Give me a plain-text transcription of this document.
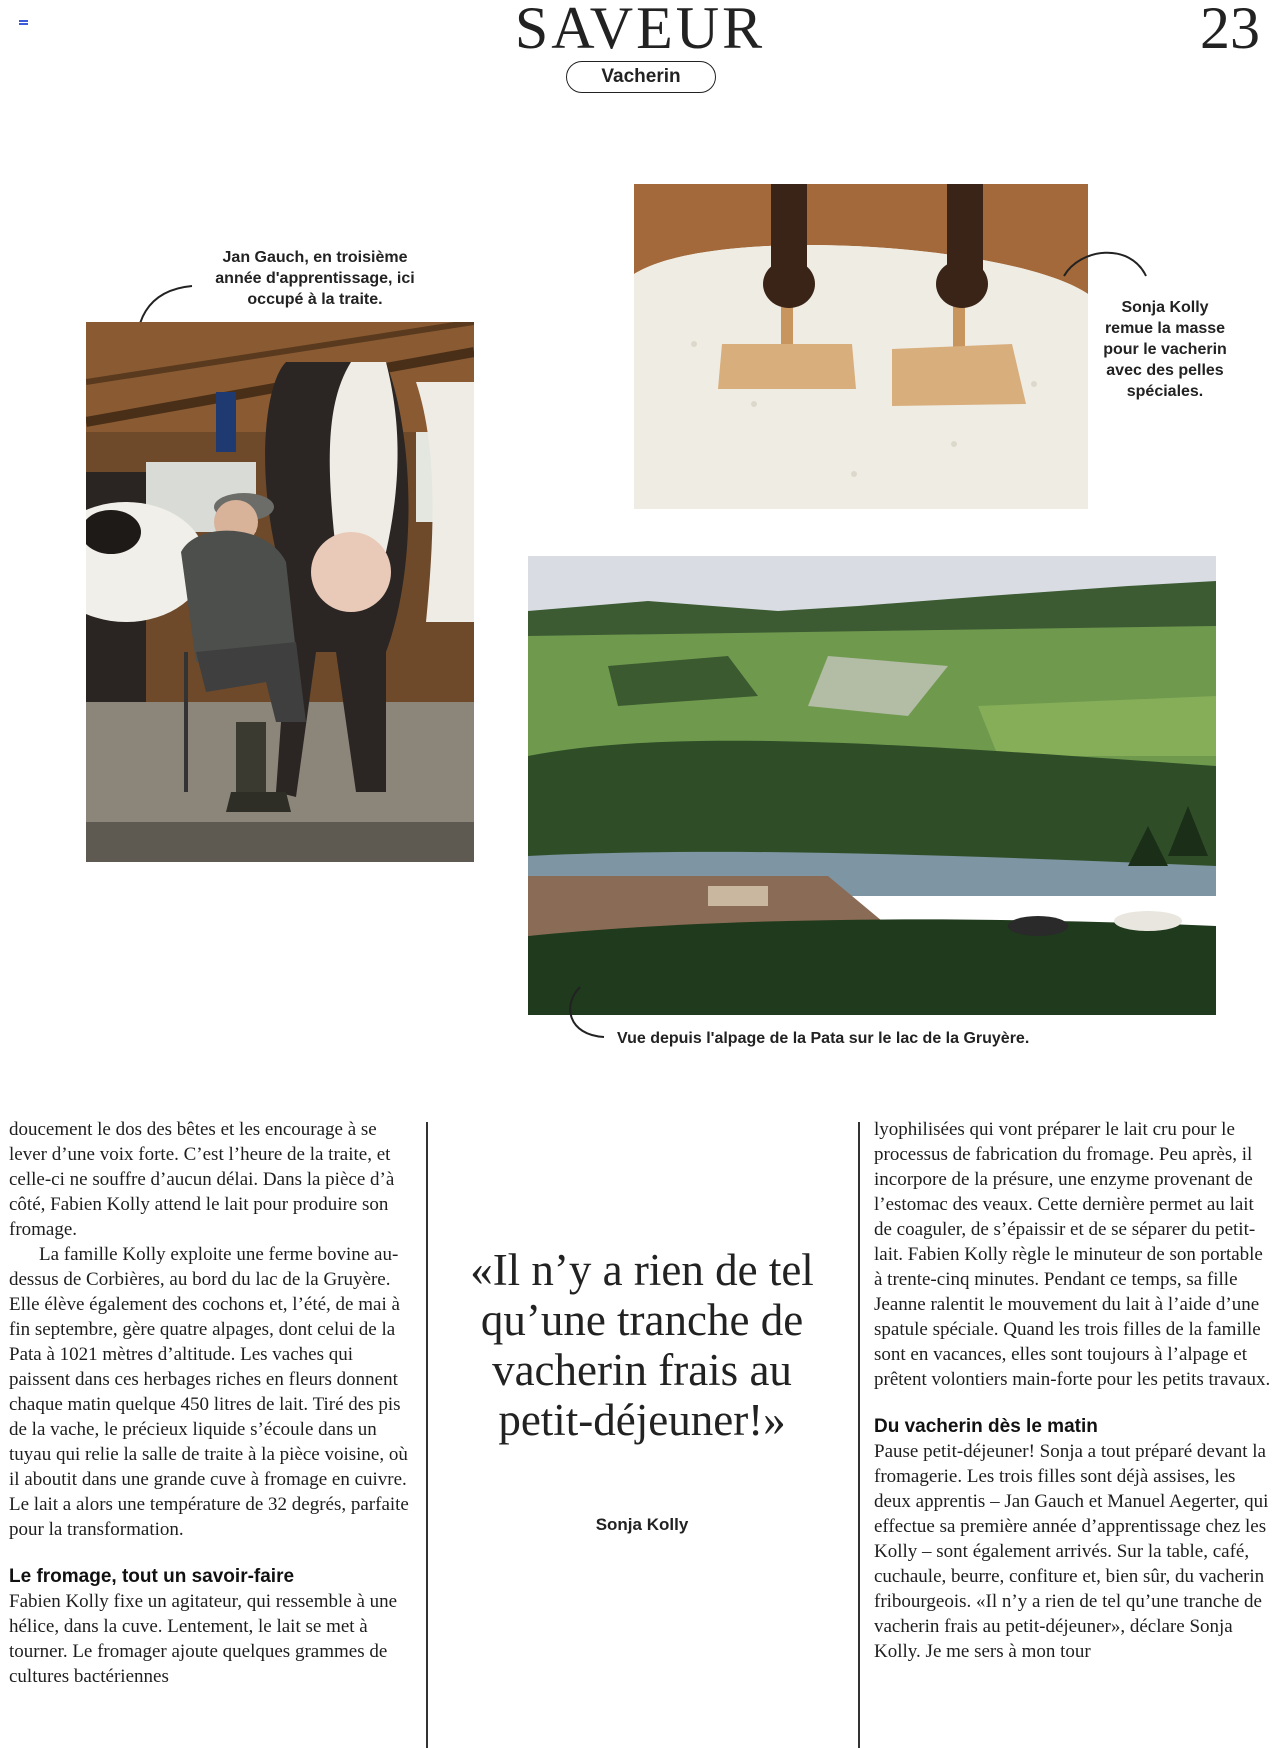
SAVEUR
Vacherin
23
Jan Gauch, en troisième année d'apprentissage, ici occupé à la traite.	Sonja Kolly remue la masse pour le vacherin avec des pelles spéciales.
Vue depuis l'alpage de la Pata sur le lac de la Gruyère.

doucement le dos des bêtes et les encourage à se lever d’une voix forte. C’est l’heure de la traite, et celle-ci ne souffre d’aucun délai. Dans la pièce d’à côté, Fabien Kolly attend le lait pour produire son fromage.

La famille Kolly exploite une ferme bovine au-dessus de Corbières, au bord du lac de la Gruyère. Elle élève également des cochons et, l’été, de mai à fin septembre, gère quatre alpages, dont celui de la Pata à 1021 mètres d’altitude. Les vaches qui paissent dans ces herbages riches en fleurs donnent chaque matin quelque 450 litres de lait. Tiré des pis de la vache, le précieux liquide s’écoule dans un tuyau qui relie la salle de traite à la pièce voisine, où il aboutit dans une grande cuve à fromage en cuivre. Le lait a alors une température de 32 degrés, parfaite pour la transformation.

Le fromage, tout un savoir-faire

Fabien Kolly fixe un agitateur, qui ressemble à une hélice, dans la cuve. Lentement, le lait se met à tourner. Le fromager ajoute quelques grammes de cultures bactériennes

«Il n’y a rien de tel qu’une tranche de vacherin frais au petit-déjeuner!»
Sonja Kolly

lyophilisées qui vont préparer le lait cru pour le processus de fabrication du fromage. Peu après, il incorpore de la présure, une enzyme provenant de l’estomac des veaux. Cette dernière permet au lait de coaguler, de s’épaissir et de se séparer du petit-lait. Fabien Kolly règle le minuteur de son portable à trente-cinq minutes. Pendant ce temps, sa fille Jeanne ralentit le mouvement du lait à l’aide d’une spatule spéciale. Quand les trois filles de la famille sont en vacances, elles sont toujours à l’alpage et prêtent volontiers main-forte pour les petits travaux.

Du vacherin dès le matin

Pause petit-déjeuner! Sonja a tout préparé devant la fromagerie. Les trois filles sont déjà assises, les deux apprentis – Jan Gauch et Manuel Aegerter, qui effectue sa première année d’apprentissage chez les Kolly – sont également arrivés. Sur la table, café, cuchaule, beurre, confiture et, bien sûr, du vacherin fribourgeois. «Il n’y a rien de tel qu’une tranche de vacherin frais au petit-déjeuner», déclare Sonja Kolly. Je me sers à mon tour
